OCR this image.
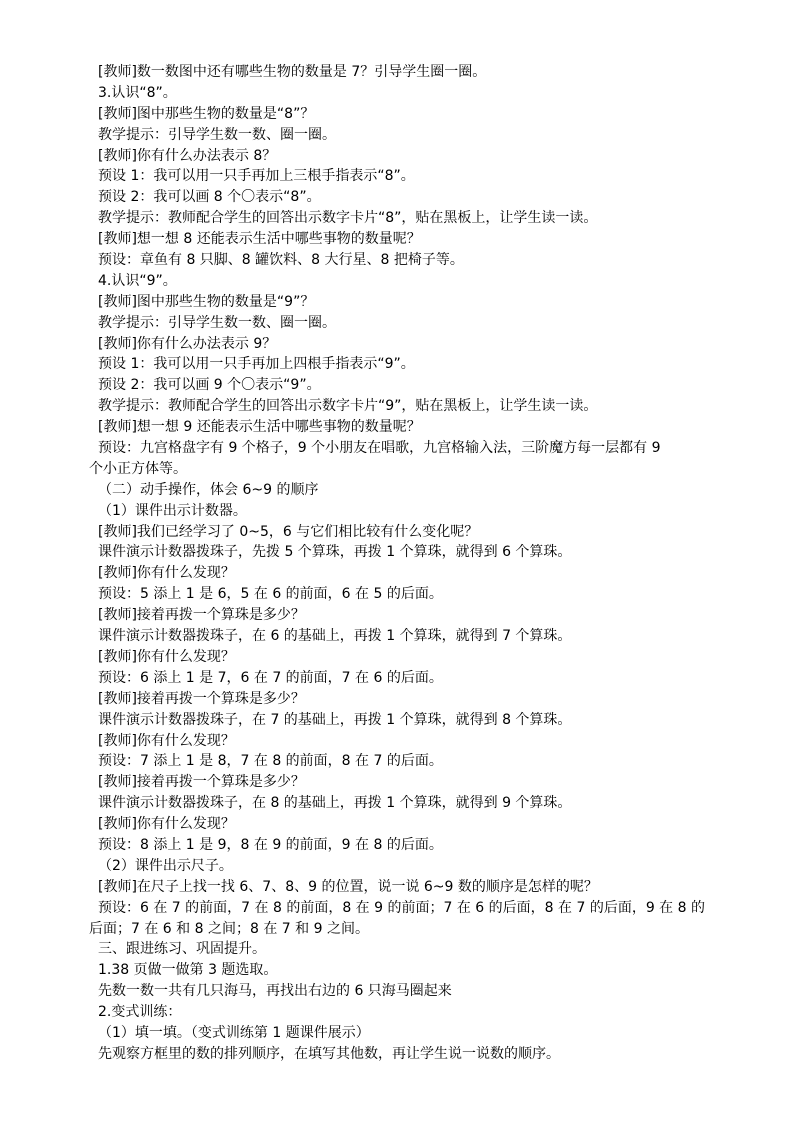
[教师]数一数图中还有哪些生物的数量是 7？引导学生圈一圈。
3.认识“8”。
[教师]图中那些生物的数量是“8”？
教学提示：引导学生数一数、圈一圈。
[教师]你有什么办法表示 8？
预设 1：我可以用一只手再加上三根手指表示“8”。
预设 2：我可以画 8 个〇表示“8”。
教学提示：教师配合学生的回答出示数字卡片“8”，贴在黑板上，让学生读一读。
[教师]想一想 8 还能表示生活中哪些事物的数量呢？
预设：章鱼有 8 只脚、8 罐饮料、8 大行星、8 把椅子等。
4.认识“9”。
[教师]图中那些生物的数量是“9”？
教学提示：引导学生数一数、圈一圈。
[教师]你有什么办法表示 9？
预设 1：我可以用一只手再加上四根手指表示“9”。
预设 2：我可以画 9 个〇表示“9”。
教学提示：教师配合学生的回答出示数字卡片“9”，贴在黑板上，让学生读一读。
[教师]想一想 9 还能表示生活中哪些事物的数量呢？
预设：九宫格盘字有 9 个格子，9 个小朋友在唱歌，九宫格输入法，三阶魔方每一层都有 9
个小正方体等。
（二）动手操作，体会 6~9 的顺序
（1）课件出示计数器。
[教师]我们已经学习了 0~5，6 与它们相比较有什么变化呢？
课件演示计数器拨珠子，先拨 5 个算珠，再拨 1 个算珠，就得到 6 个算珠。
[教师]你有什么发现？
预设：5 添上 1 是 6，5 在 6 的前面，6 在 5 的后面。
[教师]接着再拨一个算珠是多少？
课件演示计数器拨珠子，在 6 的基础上，再拨 1 个算珠，就得到 7 个算珠。
[教师]你有什么发现？
预设：6 添上 1 是 7，6 在 7 的前面，7 在 6 的后面。
[教师]接着再拨一个算珠是多少？
课件演示计数器拨珠子，在 7 的基础上，再拨 1 个算珠，就得到 8 个算珠。
[教师]你有什么发现？
预设：7 添上 1 是 8，7 在 8 的前面，8 在 7 的后面。
[教师]接着再拨一个算珠是多少？
课件演示计数器拨珠子，在 8 的基础上，再拨 1 个算珠，就得到 9 个算珠。
[教师]你有什么发现？
预设：8 添上 1 是 9，8 在 9 的前面，9 在 8 的后面。
（2）课件出示尺子。
[教师]在尺子上找一找 6、7、8、9 的位置，说一说 6~9 数的顺序是怎样的呢？
预设：6 在 7 的前面，7 在 8 的前面，8 在 9 的前面；7 在 6 的后面，8 在 7 的后面，9 在 8 的
后面；7 在 6 和 8 之间；8 在 7 和 9 之间。
三、跟进练习、巩固提升。
1.38 页做一做第 3 题选取。
先数一数一共有几只海马，再找出右边的 6 只海马圈起来
2.变式训练：
（1）填一填。（变式训练第 1 题课件展示）
先观察方框里的数的排列顺序，在填写其他数，再让学生说一说数的顺序。
